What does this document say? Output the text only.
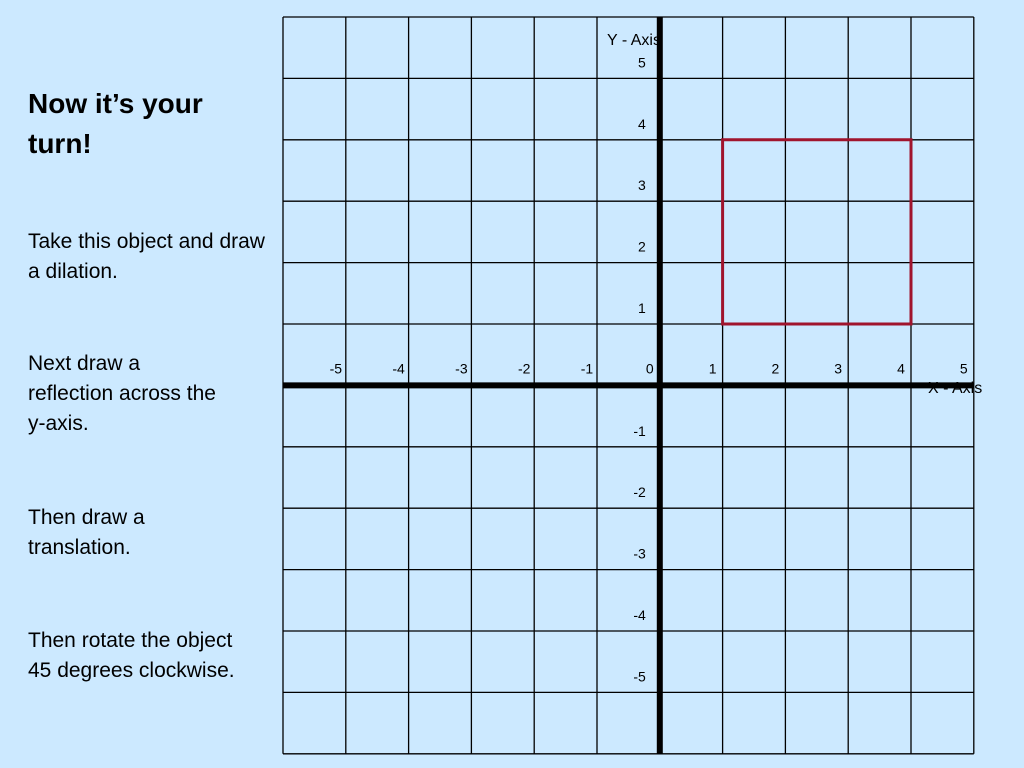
Now it’s your turn!

Take this object and draw a dilation.

Next draw a reflection across the y-axis.

Then draw a translation.

Then rotate the object 45 degrees clockwise.

Y - Axis
X - Axis
-5	-4	-3	-2	-1	0	1	2	3	4	5
5
4
3
2
1
-1
-2
-3
-4
-5
